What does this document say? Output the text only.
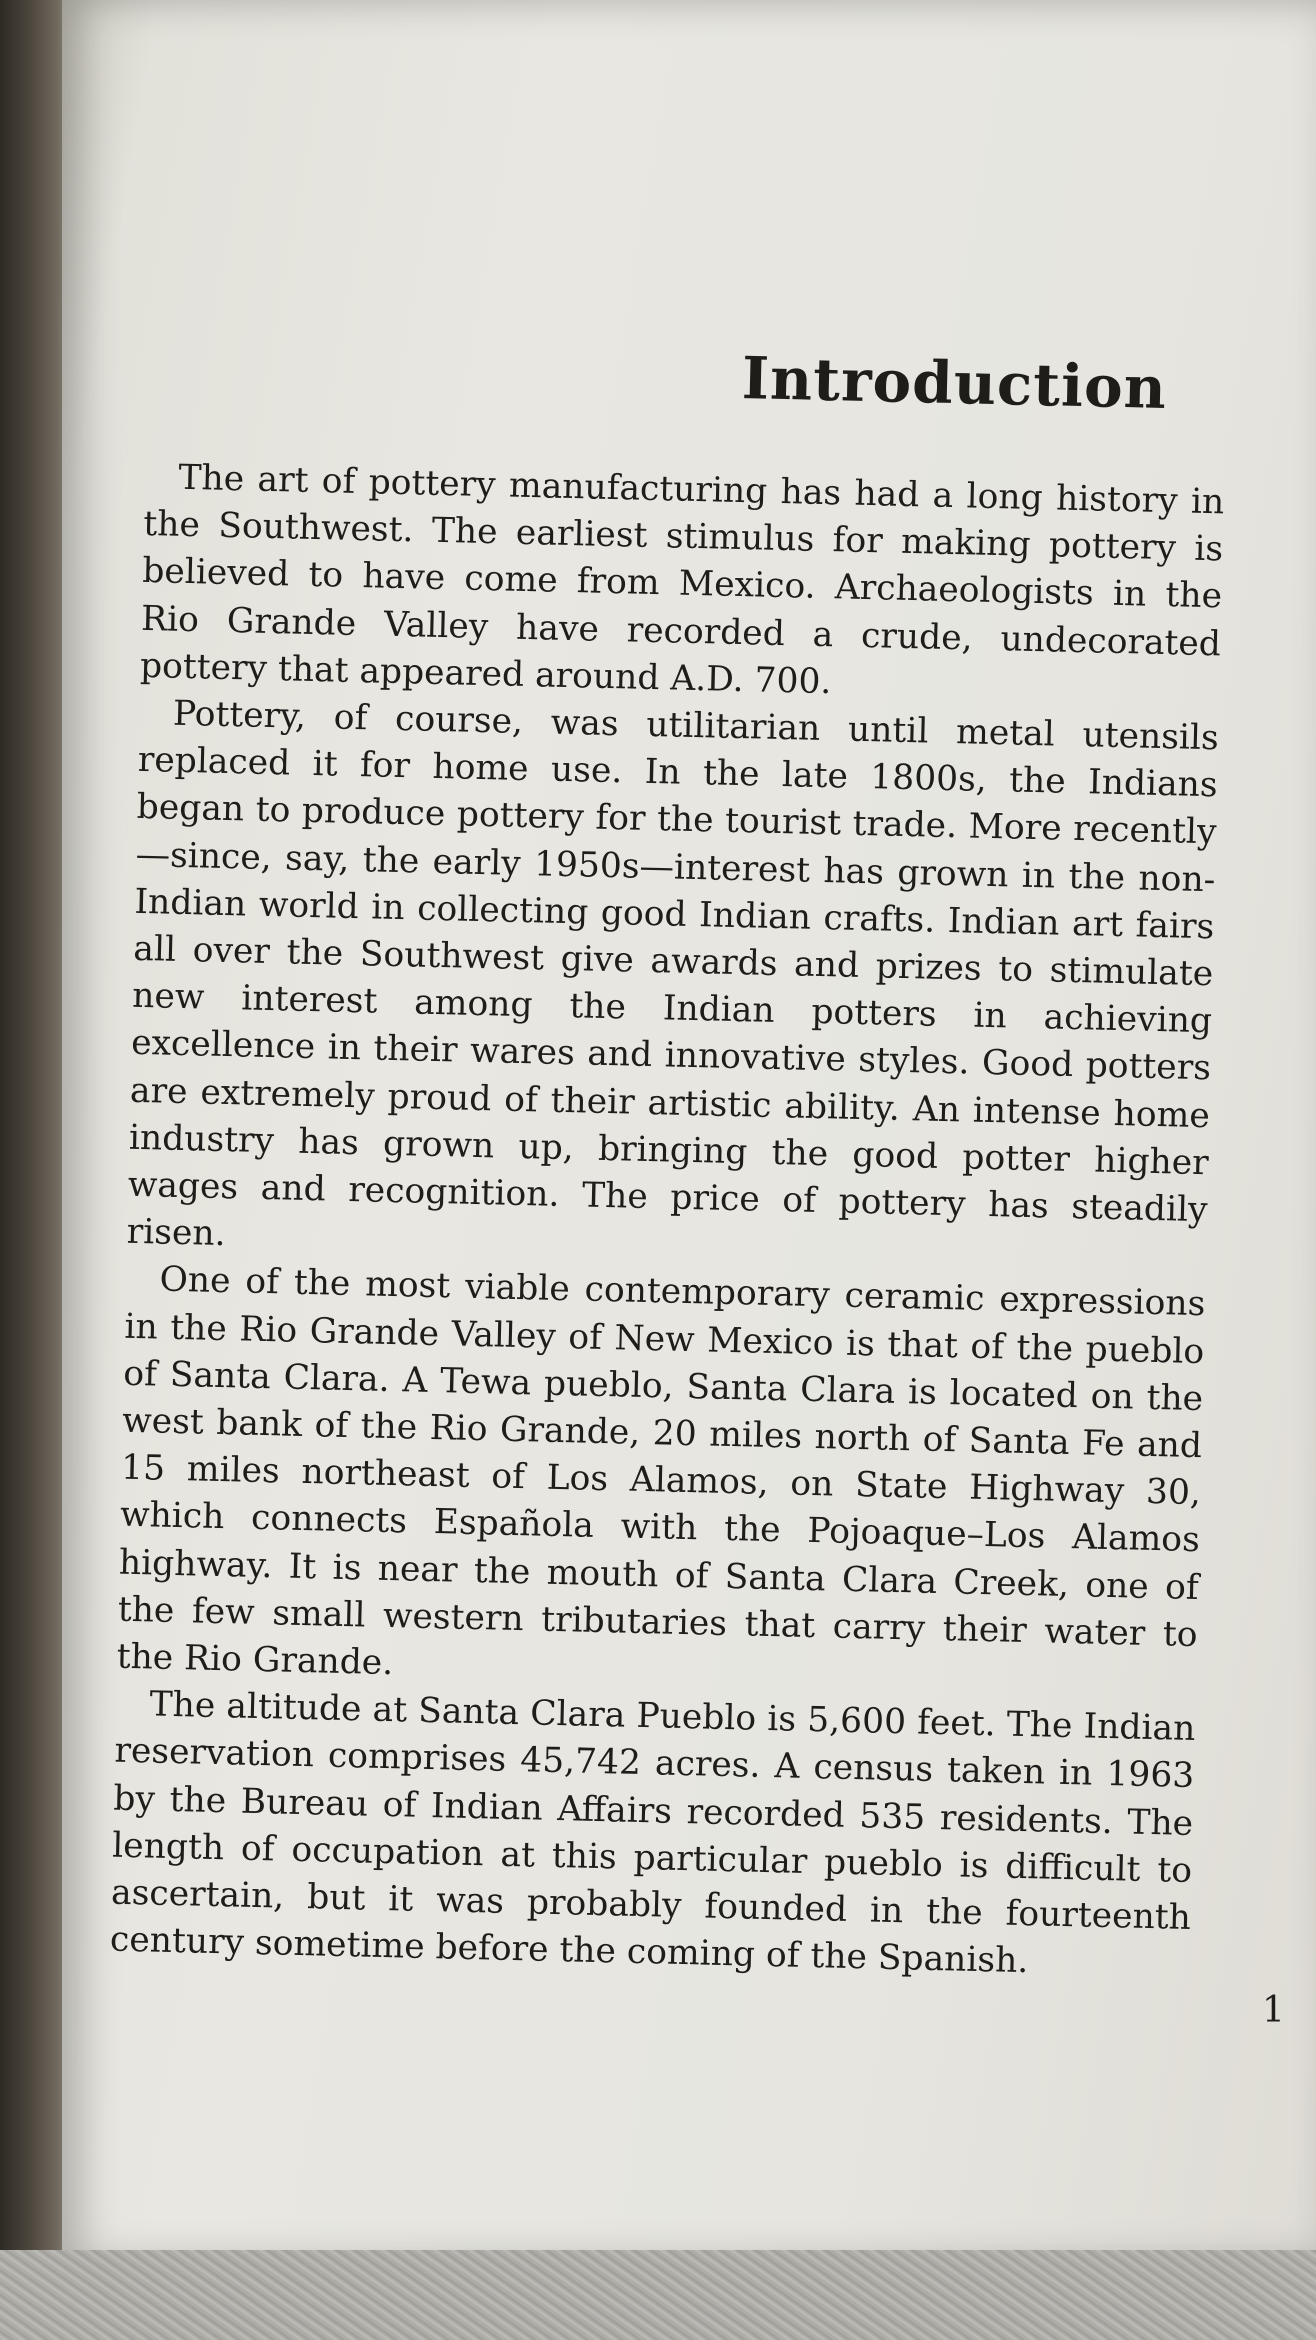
Introduction

The art of pottery manufacturing has had a long history in the Southwest. The earliest stimulus for making pottery is believed to have come from Mexico. Archaeologists in the Rio Grande Valley have recorded a crude, undecorated pottery that appeared around A.D. 700.

Pottery, of course, was utilitarian until metal utensils replaced it for home use. In the late 1800s, the Indians began to produce pottery for the tourist trade. More recently—since, say, the early 1950s—interest has grown in the non-Indian world in collecting good Indian crafts. Indian art fairs all over the Southwest give awards and prizes to stimulate new interest among the Indian potters in achieving excellence in their wares and innovative styles. Good potters are extremely proud of their artistic ability. An intense home industry has grown up, bringing the good potter higher wages and recognition. The price of pottery has steadily risen.

One of the most viable contemporary ceramic expressions in the Rio Grande Valley of New Mexico is that of the pueblo of Santa Clara. A Tewa pueblo, Santa Clara is located on the west bank of the Rio Grande, 20 miles north of Santa Fe and 15 miles northeast of Los Alamos, on State Highway 30, which connects Española with the Pojoaque–Los Alamos highway. It is near the mouth of Santa Clara Creek, one of the few small western tributaries that carry their water to the Rio Grande.

The altitude at Santa Clara Pueblo is 5,600 feet. The Indian reservation comprises 45,742 acres. A census taken in 1963 by the Bureau of Indian Affairs recorded 535 residents. The length of occupation at this particular pueblo is difficult to ascertain, but it was probably founded in the fourteenth century sometime before the coming of the Spanish.

1
